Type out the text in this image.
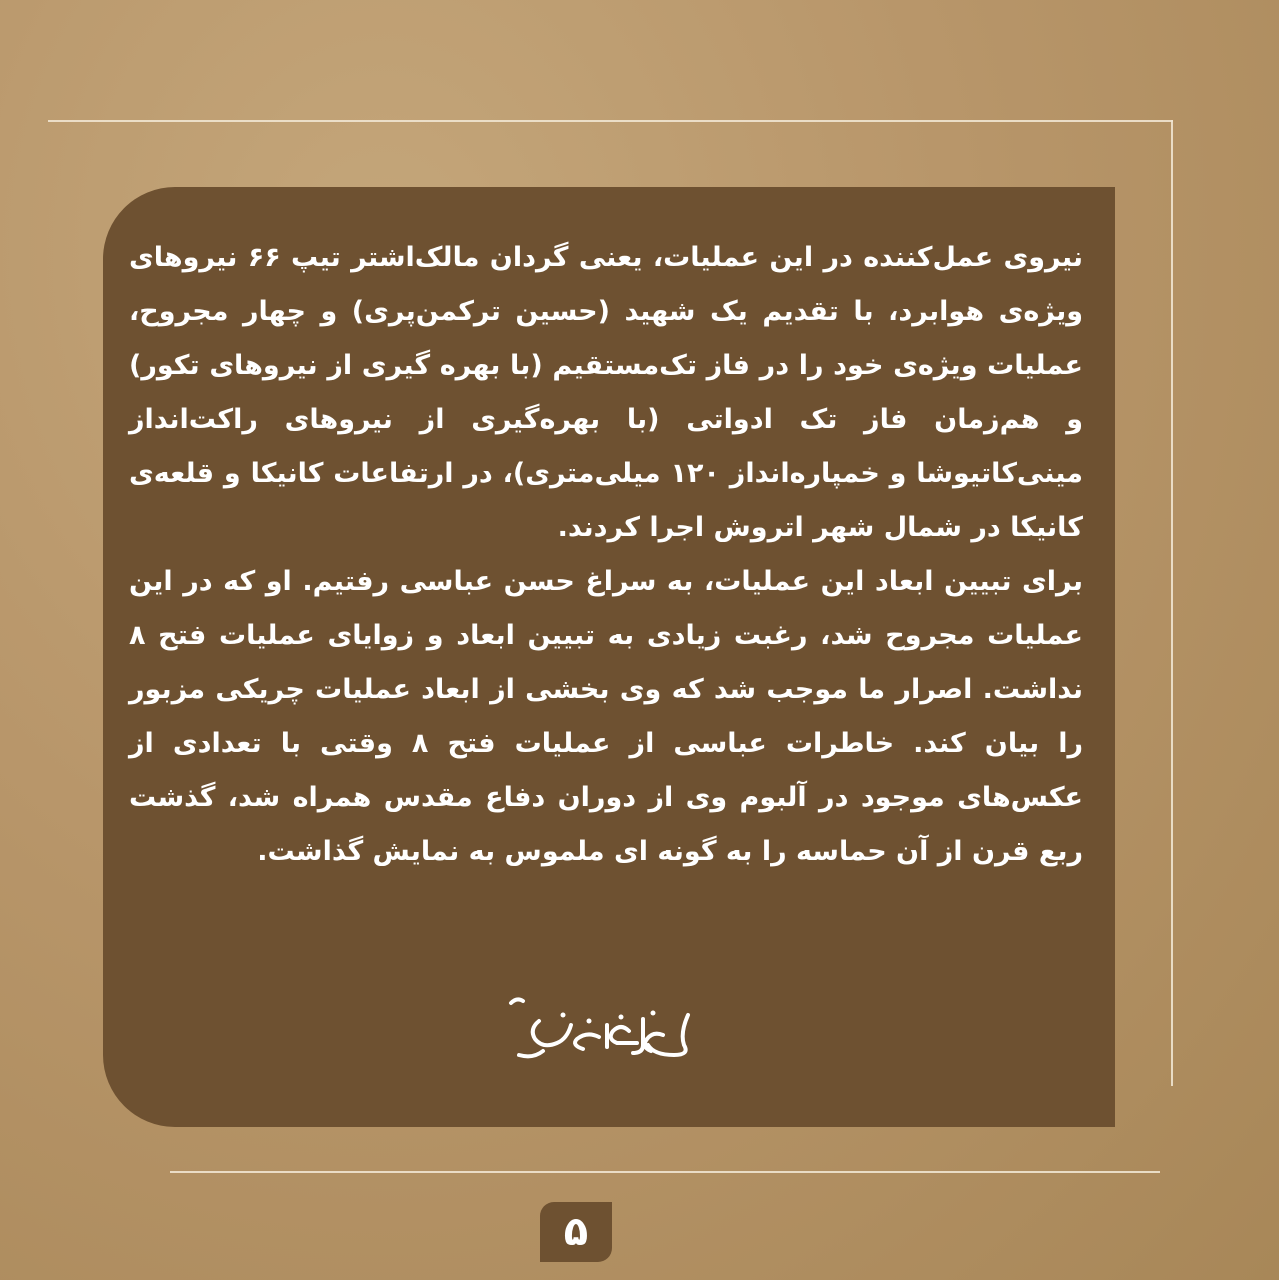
نیروی عمل‌کننده در این عملیات، یعنی گردان مالک‌اشتر تیپ ۶۶ نیروهای ویژه‌ی هوابرد، با تقدیم یک شهید (حسین ترکمن‌پری) و چهار مجروح، عملیات ویژه‌ی خود را در فاز تک‌مستقیم (با بهره گیری از نیروهای تکور) و هم‌زمان فاز تک ادواتی (با بهره‌گیری از نیروهای راکت‌انداز مینی‌کاتیوشا و خمپاره‌انداز ۱۲۰ میلی‌متری)، در ارتفاعات کانیکا و قلعه‌ی کانیکا در شمال شهر اتروش اجرا کردند.

برای تبیین ابعاد این عملیات، به سراغ حسن عباسی رفتیم. او که در این عملیات مجروح شد، رغبت زیادی به تبیین ابعاد و زوایای عملیات فتح ۸ نداشت. اصرار ما موجب شد که وی بخشی از ابعاد عملیات چریکی مزبور را بیان کند. خاطرات عباسی از عملیات فتح ۸ وقتی با تعدادی از عکس‌های موجود در آلبوم وی از دوران دفاع مقدس همراه شد، گذشت ربع قرن از آن حماسه را به گونه ای ملموس به نمایش گذاشت.

۵
